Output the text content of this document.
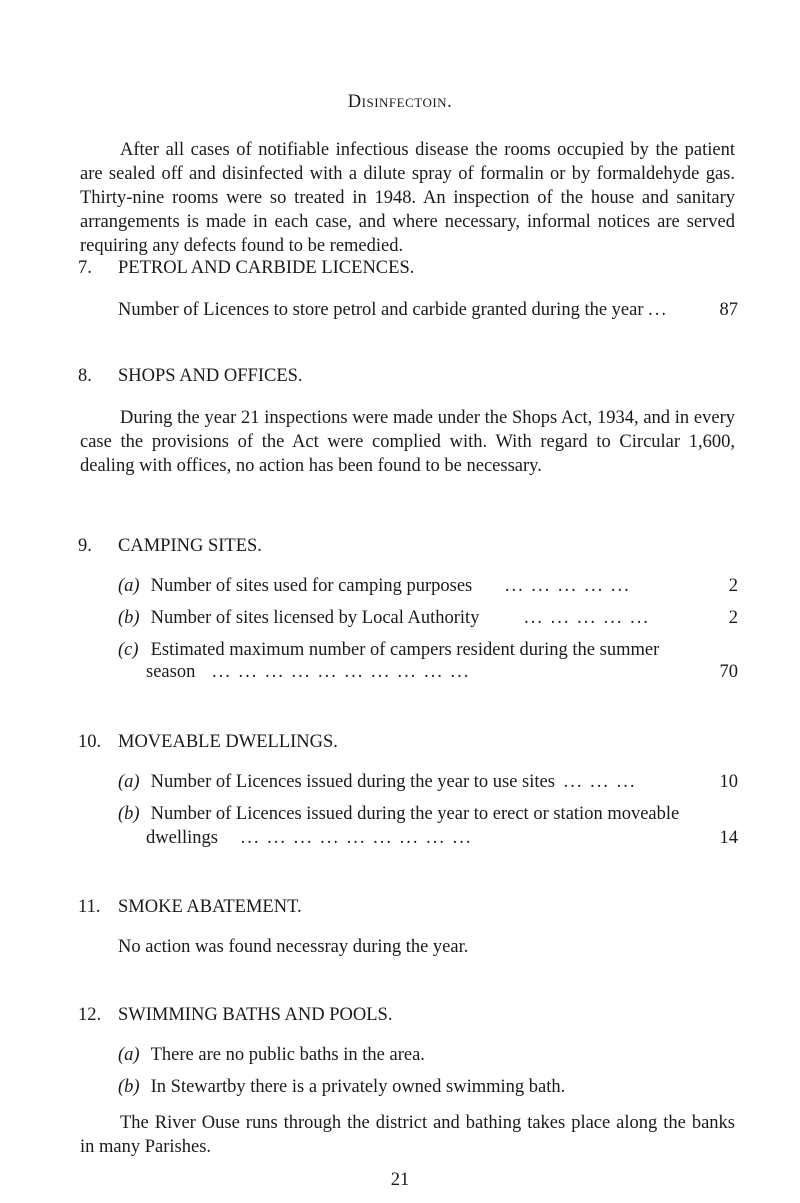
Disinfectoin.
After all cases of notifiable infectious disease the rooms occupied by the patient are sealed off and disinfected with a dilute spray of formalin or by formaldehyde gas. Thirty-nine rooms were so treated in 1948. An inspection of the house and sanitary arrangements is made in each case, and where necessary, informal notices are served requiring any defects found to be remedied.
7. PETROL AND CARBIDE LICENCES.
Number of Licences to store petrol and carbide granted during the year ...	87
8. SHOPS AND OFFICES.
During the year 21 inspections were made under the Shops Act, 1934, and in every case the provisions of the Act were complied with. With regard to Circular 1,600, dealing with offices, no action has been found to be necessary.
9. CAMPING SITES.
(a) Number of sites used for camping purposes ... ... ... ... ...	2
(b) Number of sites licensed by Local Authority ... ... ... ... ...	2
(c) Estimated maximum number of campers resident during the summer
season ... ... ... ... ... ... ... ... ... ...	70
10. MOVEABLE DWELLINGS.
(a) Number of Licences issued during the year to use sites ... ... ...	10
(b) Number of Licences issued during the year to erect or station moveable
dwellings ... ... ... ... ... ... ... ... ...	14
11. SMOKE ABATEMENT.
No action was found necessray during the year.
12. SWIMMING BATHS AND POOLS.
(a) There are no public baths in the area.
(b) In Stewartby there is a privately owned swimming bath.
The River Ouse runs through the district and bathing takes place along the banks in many Parishes.
21
